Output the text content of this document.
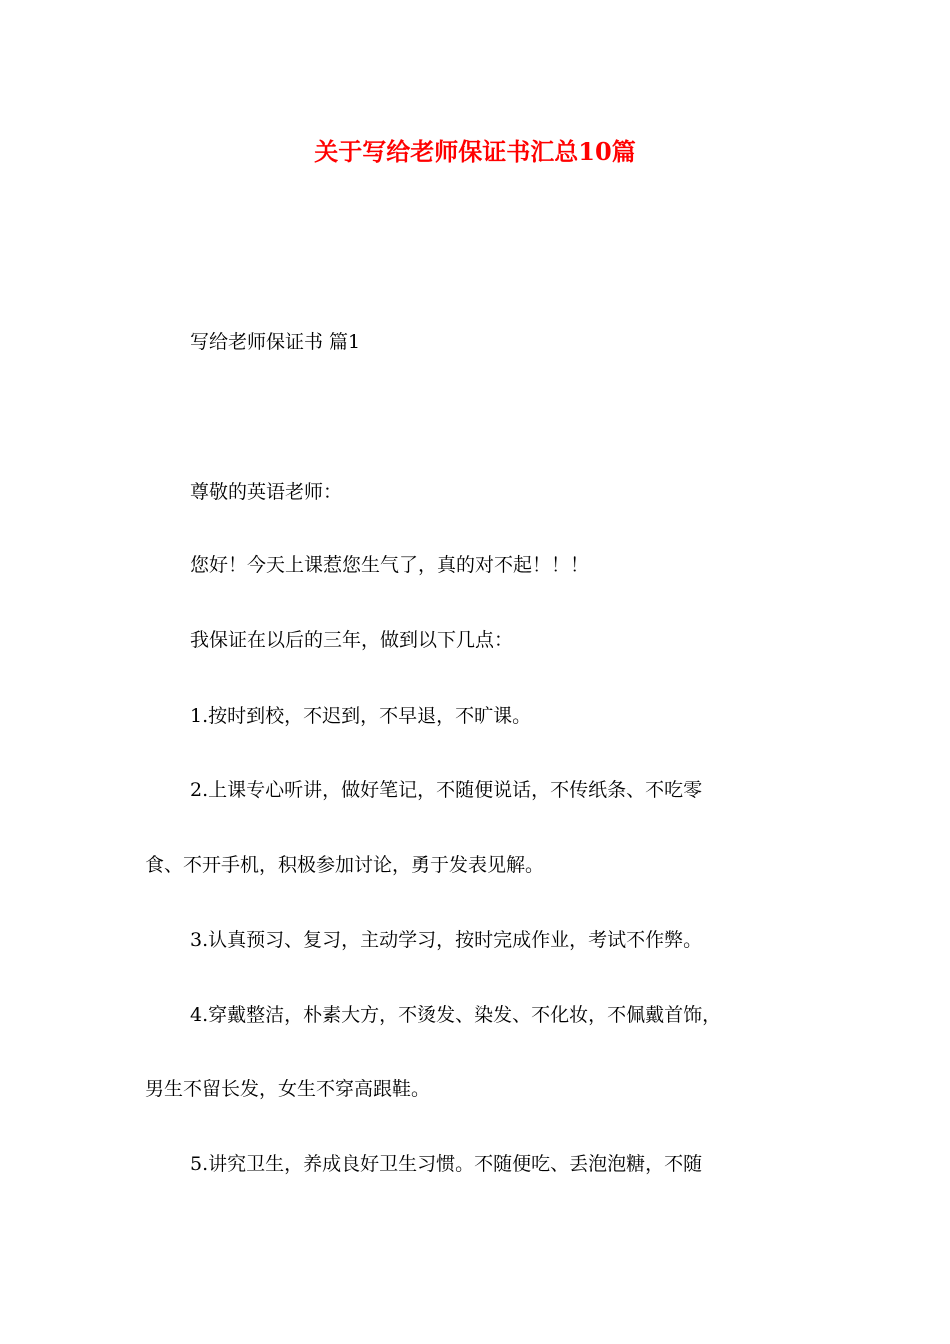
关于写给老师保证书汇总10篇
写给老师保证书 篇1
尊敬的英语老师：
您好！今天上课惹您生气了，真的对不起！！！
我保证在以后的三年，做到以下几点：
1.按时到校，不迟到，不早退，不旷课。
2.上课专心听讲，做好笔记，不随便说话，不传纸条、不吃零
食、不开手机，积极参加讨论，勇于发表见解。
3.认真预习、复习，主动学习，按时完成作业，考试不作弊。
4.穿戴整洁，朴素大方，不烫发、染发、不化妆，不佩戴首饰，
男生不留长发，女生不穿高跟鞋。
5.讲究卫生，养成良好卫生习惯。不随便吃、丢泡泡糖，不随
